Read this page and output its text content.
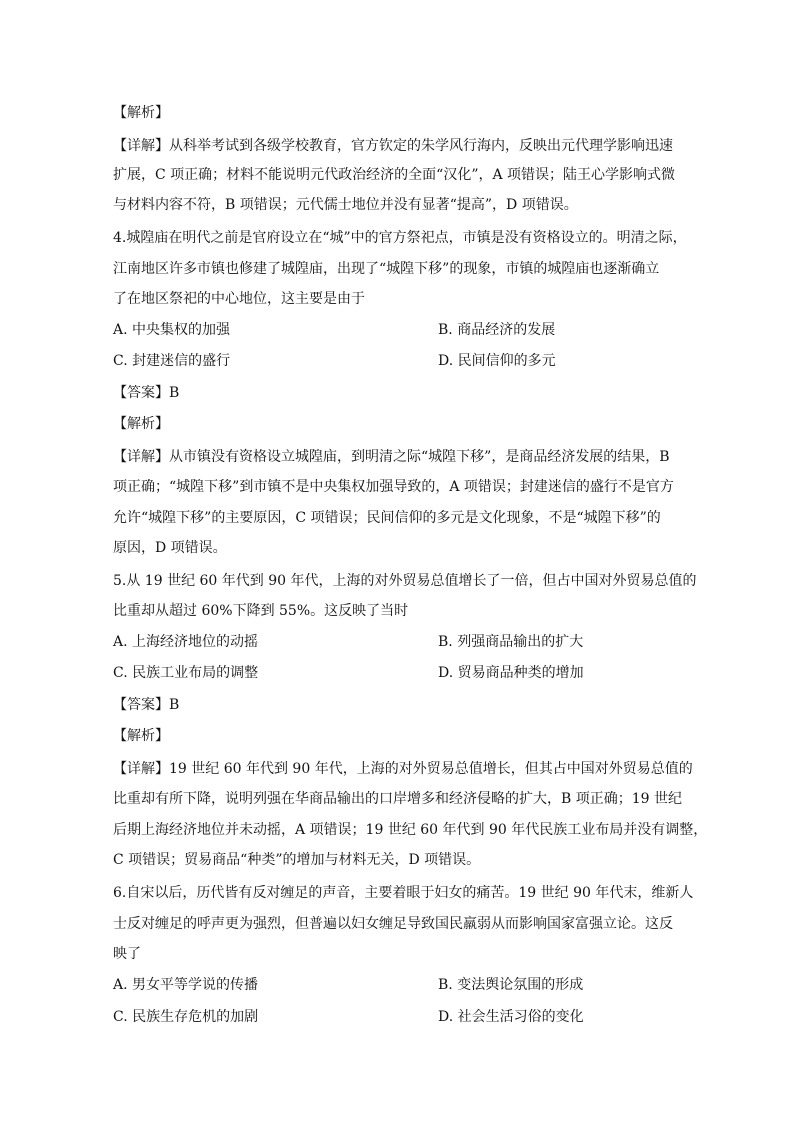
【解析】
【详解】从科举考试到各级学校教育，官方钦定的朱学风行海内，反映出元代理学影响迅速
扩展，C 项正确；材料不能说明元代政治经济的全面“汉化”，A 项错误；陆王心学影响式微
与材料内容不符，B 项错误；元代儒士地位并没有显著“提高”，D 项错误。
4.城隍庙在明代之前是官府设立在“城”中的官方祭祀点，市镇是没有资格设立的。明清之际，
江南地区许多市镇也修建了城隍庙，出现了“城隍下移”的现象，市镇的城隍庙也逐渐确立
了在地区祭祀的中心地位，这主要是由于
A. 中央集权的加强	B. 商品经济的发展
C. 封建迷信的盛行	D. 民间信仰的多元
【答案】B
【解析】
【详解】从市镇没有资格设立城隍庙，到明清之际“城隍下移”，是商品经济发展的结果，B
项正确；“城隍下移”到市镇不是中央集权加强导致的，A 项错误；封建迷信的盛行不是官方
允许“城隍下移”的主要原因，C 项错误；民间信仰的多元是文化现象，不是“城隍下移”的
原因，D 项错误。
5.从 19 世纪 60 年代到 90 年代，上海的对外贸易总值增长了一倍，但占中国对外贸易总值的
比重却从超过 60%下降到 55%。这反映了当时
A. 上海经济地位的动摇	B. 列强商品输出的扩大
C. 民族工业布局的调整	D. 贸易商品种类的增加
【答案】B
【解析】
【详解】19 世纪 60 年代到 90 年代，上海的对外贸易总值增长，但其占中国对外贸易总值的
比重却有所下降，说明列强在华商品输出的口岸增多和经济侵略的扩大，B 项正确；19 世纪
后期上海经济地位并未动摇，A 项错误；19 世纪 60 年代到 90 年代民族工业布局并没有调整，
C 项错误；贸易商品“种类”的增加与材料无关，D 项错误。
6.自宋以后，历代皆有反对缠足的声音，主要着眼于妇女的痛苦。19 世纪 90 年代末，维新人
士反对缠足的呼声更为强烈，但普遍以妇女缠足导致国民羸弱从而影响国家富强立论。这反
映了
A. 男女平等学说的传播	B. 变法舆论氛围的形成
C. 民族生存危机的加剧	D. 社会生活习俗的变化
